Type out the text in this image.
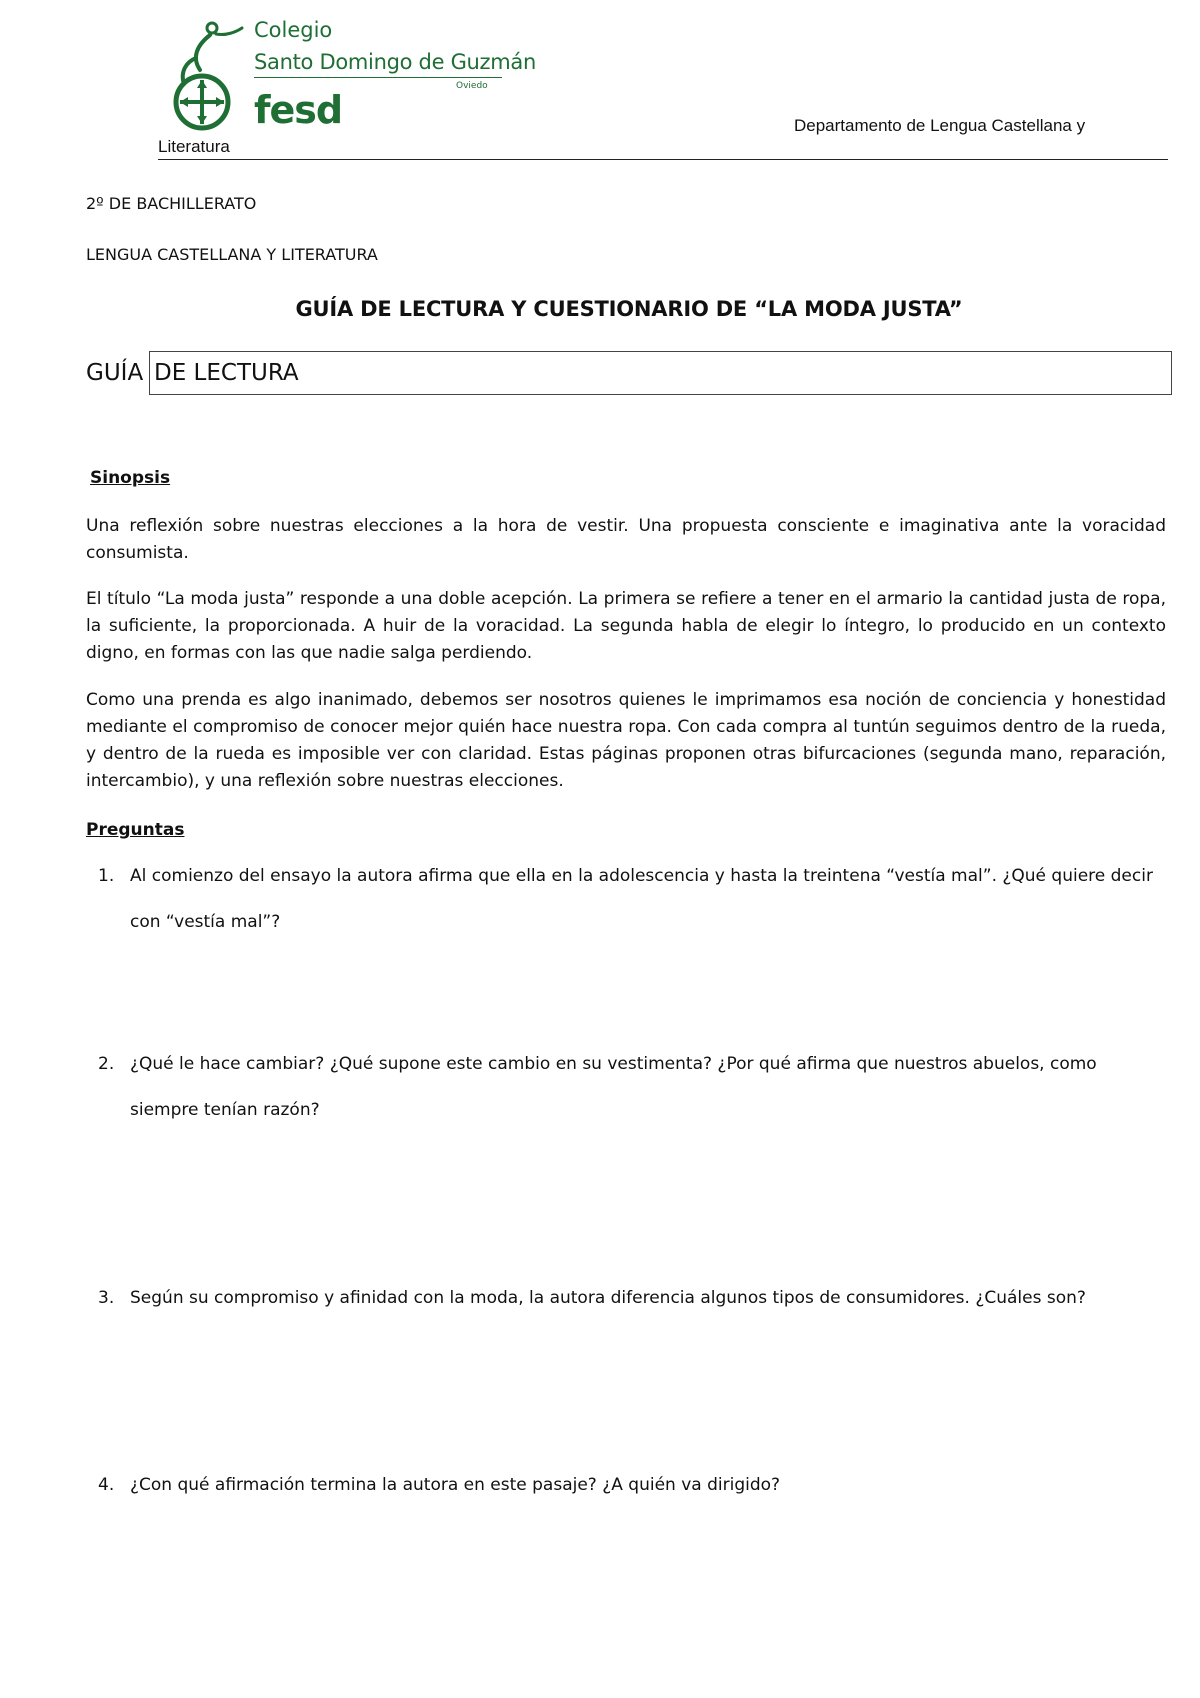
Colegio
Santo Domingo de Guzmán
Oviedo
fesd	Departamento de Lengua Castellana y
Literatura
2º DE BACHILLERATO
LENGUA CASTELLANA Y LITERATURA
GUÍA DE LECTURA Y CUESTIONARIO DE “LA MODA JUSTA”
GUÍA DE LECTURA
Sinopsis

Una reflexión sobre nuestras elecciones a la hora de vestir. Una propuesta consciente e imaginativa ante la voracidad consumista.

El título “La moda justa” responde a una doble acepción. La primera se refiere a tener en el armario la cantidad justa de ropa, la suficiente, la proporcionada. A huir de la voracidad. La segunda habla de elegir lo íntegro, lo producido en un contexto digno, en formas con las que nadie salga perdiendo.

Como una prenda es algo inanimado, debemos ser nosotros quienes le imprimamos esa noción de conciencia y honestidad mediante el compromiso de conocer mejor quién hace nuestra ropa. Con cada compra al tuntún seguimos dentro de la rueda, y dentro de la rueda es imposible ver con claridad. Estas páginas proponen otras bifurcaciones (segunda mano, reparación, intercambio), y una reflexión sobre nuestras elecciones.

Preguntas
1. Al comienzo del ensayo la autora afirma que ella en la adolescencia y hasta la treintena “vestía mal”. ¿Qué quiere decir con “vestía mal”?
2. ¿Qué le hace cambiar? ¿Qué supone este cambio en su vestimenta? ¿Por qué afirma que nuestros abuelos, como siempre tenían razón?
3. Según su compromiso y afinidad con la moda, la autora diferencia algunos tipos de consumidores. ¿Cuáles son?
4. ¿Con qué afirmación termina la autora en este pasaje? ¿A quién va dirigido?
